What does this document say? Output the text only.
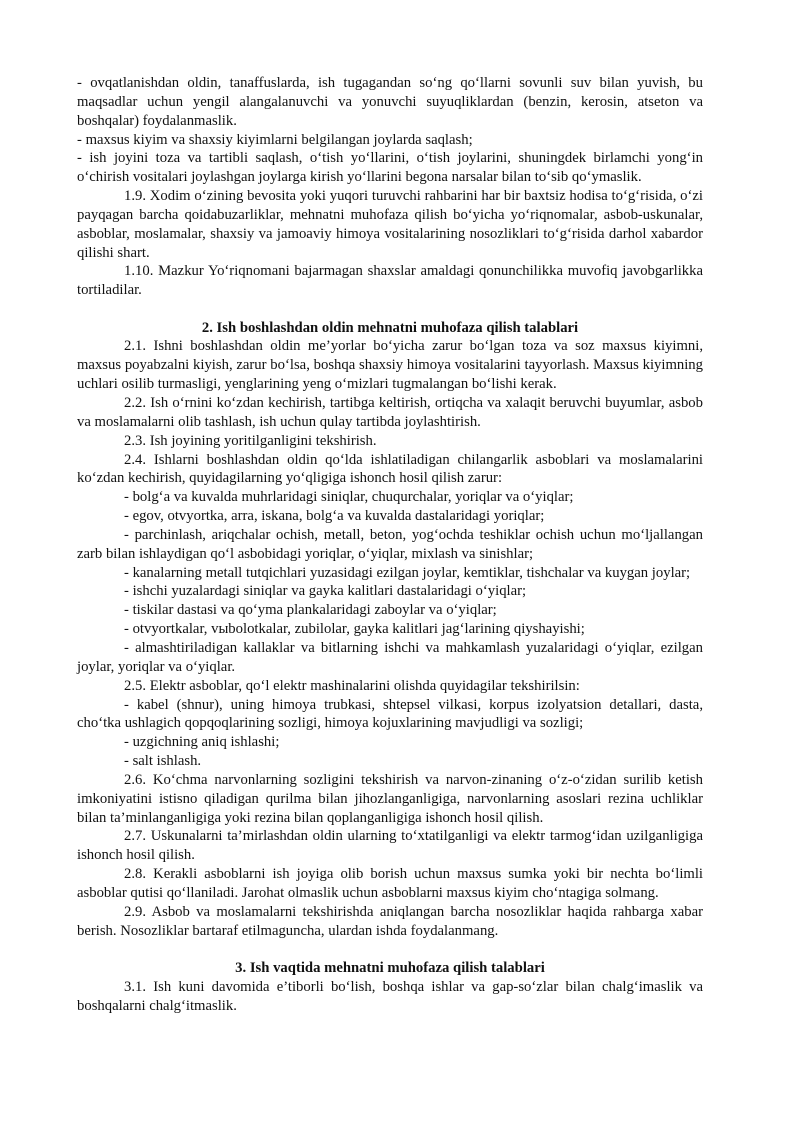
- ovqatlanishdan oldin, tanaffuslarda, ish tugagandan so‘ng qo‘llarni sovunli suv bilan yuvish, bu maqsadlar uchun yengil alangalanuvchi va yonuvchi suyuqliklardan (benzin, kerosin, atseton va boshqalar) foydalanmaslik.

- maxsus kiyim va shaxsiy kiyimlarni belgilangan joylarda saqlash;

- ish joyini toza va tartibli saqlash, o‘tish yo‘llarini, o‘tish joylarini, shuningdek birlamchi yong‘in o‘chirish vositalari joylashgan joylarga kirish yo‘llarini begona narsalar bilan to‘sib qo‘ymaslik.

1.9. Xodim o‘zining bevosita yoki yuqori turuvchi rahbarini har bir baxtsiz hodisa to‘g‘risida, o‘zi payqagan barcha qoidabuzarliklar, mehnatni muhofaza qilish bo‘yicha yo‘riqnomalar, asbob-uskunalar, asboblar, moslamalar, shaxsiy va jamoaviy himoya vositalarining nosozliklari to‘g‘risida darhol xabardor qilishi shart.

1.10. Mazkur Yo‘riqnomani bajarmagan shaxslar amaldagi qonunchilikka muvofiq javobgarlikka tortiladilar.

2. Ish boshlashdan oldin mehnatni muhofaza qilish talablari

2.1. Ishni boshlashdan oldin me’yorlar bo‘yicha zarur bo‘lgan toza va soz maxsus kiyimni, maxsus poyabzalni kiyish, zarur bo‘lsa, boshqa shaxsiy himoya vositalarini tayyorlash. Maxsus kiyimning uchlari osilib turmasligi, yenglarining yeng o‘mizlari tugmalangan bo‘lishi kerak.

2.2. Ish o‘rnini ko‘zdan kechirish, tartibga keltirish, ortiqcha va xalaqit beruvchi buyumlar, asbob va moslamalarni olib tashlash, ish uchun qulay tartibda joylashtirish.

2.3. Ish joyining yoritilganligini tekshirish.

2.4. Ishlarni boshlashdan oldin qo‘lda ishlatiladigan chilangarlik asboblari va moslamalarini ko‘zdan kechirish, quyidagilarning yo‘qligiga ishonch hosil qilish zarur:

- bolg‘a va kuvalda muhrlaridagi siniqlar, chuqurchalar, yoriqlar va o‘yiqlar;

- egov, otvyortka, arra, iskana, bolg‘a va kuvalda dastalaridagi yoriqlar;

- parchinlash, ariqchalar ochish, metall, beton, yog‘ochda teshiklar ochish uchun mo‘ljallangan zarb bilan ishlaydigan qo‘l asbobidagi yoriqlar, o‘yiqlar, mixlash va sinishlar;

- kanalarning metall tutqichlari yuzasidagi ezilgan joylar, kemtiklar, tishchalar va kuygan joylar;

- ishchi yuzalardagi siniqlar va gayka kalitlari dastalaridagi o‘yiqlar;

- tiskilar dastasi va qo‘yma plankalaridagi zaboylar va o‘yiqlar;

- otvyortkalar, vыbolotkalar, zubilolar, gayka kalitlari jag‘larining qiyshayishi;

- almashtiriladigan kallaklar va bitlarning ishchi va mahkamlash yuzalaridagi o‘yiqlar, ezilgan joylar, yoriqlar va o‘yiqlar.

2.5. Elektr asboblar, qo‘l elektr mashinalarini olishda quyidagilar tekshirilsin:

- kabel (shnur), uning himoya trubkasi, shtepsel vilkasi, korpus izolyatsion detallari, dasta, cho‘tka ushlagich qopqoqlarining sozligi, himoya kojuxlarining mavjudligi va sozligi;

- uzgichning aniq ishlashi;

- salt ishlash.

2.6. Ko‘chma narvonlarning sozligini tekshirish va narvon-zinaning o‘z-o‘zidan surilib ketish imkoniyatini istisno qiladigan qurilma bilan jihozlanganligiga, narvonlarning asoslari rezina uchliklar bilan ta’minlanganligiga yoki rezina bilan qoplanganligiga ishonch hosil qilish.

2.7. Uskunalarni ta’mirlashdan oldin ularning to‘xtatilganligi va elektr tarmog‘idan uzilganligiga ishonch hosil qilish.

2.8. Kerakli asboblarni ish joyiga olib borish uchun maxsus sumka yoki bir nechta bo‘limli asboblar qutisi qo‘llaniladi. Jarohat olmaslik uchun asboblarni maxsus kiyim cho‘ntagiga solmang.

2.9. Asbob va moslamalarni tekshirishda aniqlangan barcha nosozliklar haqida rahbarga xabar berish. Nosozliklar bartaraf etilmaguncha, ulardan ishda foydalanmang.

3. Ish vaqtida mehnatni muhofaza qilish talablari

3.1. Ish kuni davomida e’tiborli bo‘lish, boshqa ishlar va gap-so‘zlar bilan chalg‘imaslik va boshqalarni chalg‘itmaslik.
